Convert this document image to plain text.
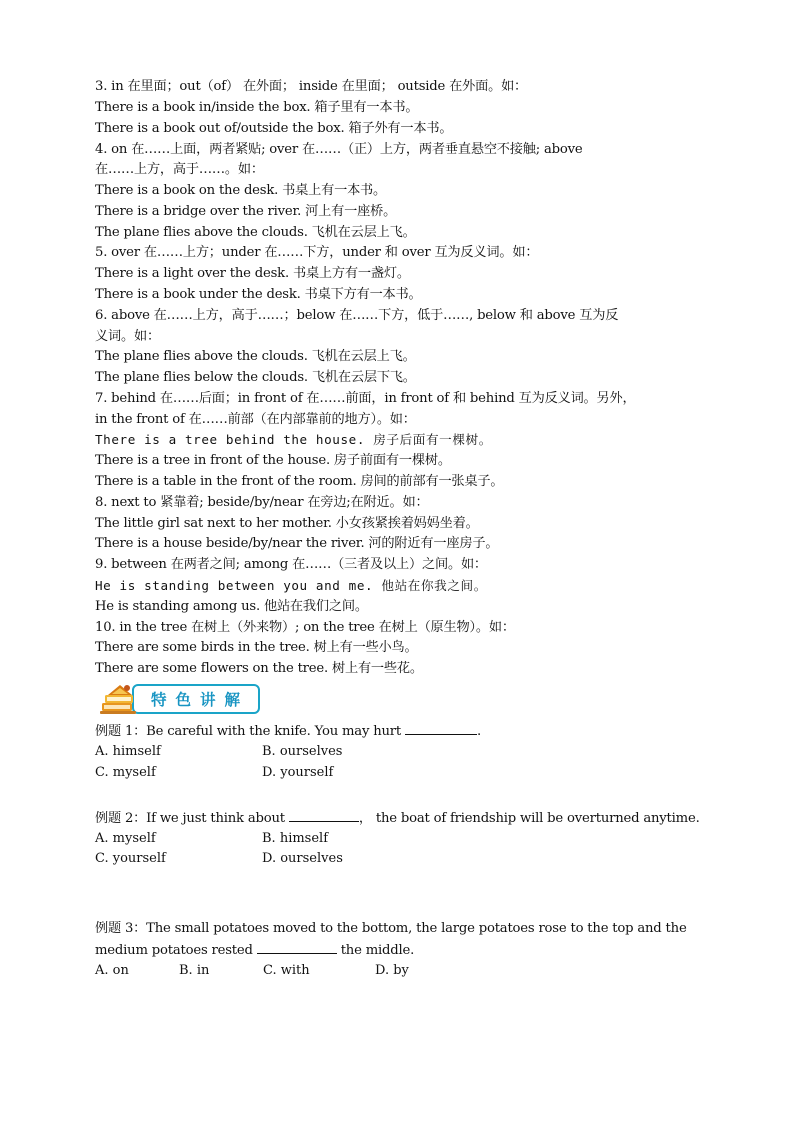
3. in 在里面；out（of） 在外面； inside 在里面； outside 在外面。如：
There is a book in/inside the box. 箱子里有一本书。
There is a book out of/outside the box. 箱子外有一本书。
4. on 在……上面，两者紧贴; over 在……（正）上方，两者垂直悬空不接触; above
在……上方，高于……。如：
There is a book on the desk. 书桌上有一本书。
There is a bridge over the river. 河上有一座桥。
The plane flies above the clouds. 飞机在云层上飞。
5. over 在……上方；under 在……下方，under 和 over 互为反义词。如：
There is a light over the desk. 书桌上方有一盏灯。
There is a book under the desk. 书桌下方有一本书。
6. above 在……上方，高于……；below 在……下方，低于……, below 和 above 互为反
义词。如：
The plane flies above the clouds. 飞机在云层上飞。
The plane flies below the clouds. 飞机在云层下飞。
7. behind 在……后面；in front of 在……前面，in front of 和 behind 互为反义词。另外，
in the front of 在……前部（在内部靠前的地方）。如：
There is a tree behind the house. 房子后面有一棵树。
There is a tree in front of the house. 房子前面有一棵树。
There is a table in the front of the room. 房间的前部有一张桌子。
8. next to 紧靠着; beside/by/near 在旁边;在附近。如：
The little girl sat next to her mother. 小女孩紧挨着妈妈坐着。
There is a house beside/by/near the river. 河的附近有一座房子。
9. between 在两者之间; among 在……（三者及以上）之间。如：
He is standing between you and me. 他站在你我之间。
He is standing among us. 他站在我们之间。
10. in the tree 在树上（外来物）; on the tree 在树上（原生物）。如：
There are some birds in the tree. 树上有一些小鸟。
There are some flowers on the tree. 树上有一些花。
特色讲解
例题 1：Be careful with the knife. You may hurt	.
A. himself	B. ourselves
C. myself	D. yourself
例题 2：If we just think about	， the boat of friendship will be overturned anytime.
A. myself	B. himself
C. yourself	D. ourselves
例题 3：The small potatoes moved to the bottom, the large potatoes rose to the top and the
medium potatoes rested	the middle.
A. on	B. in	C. with	D. by
